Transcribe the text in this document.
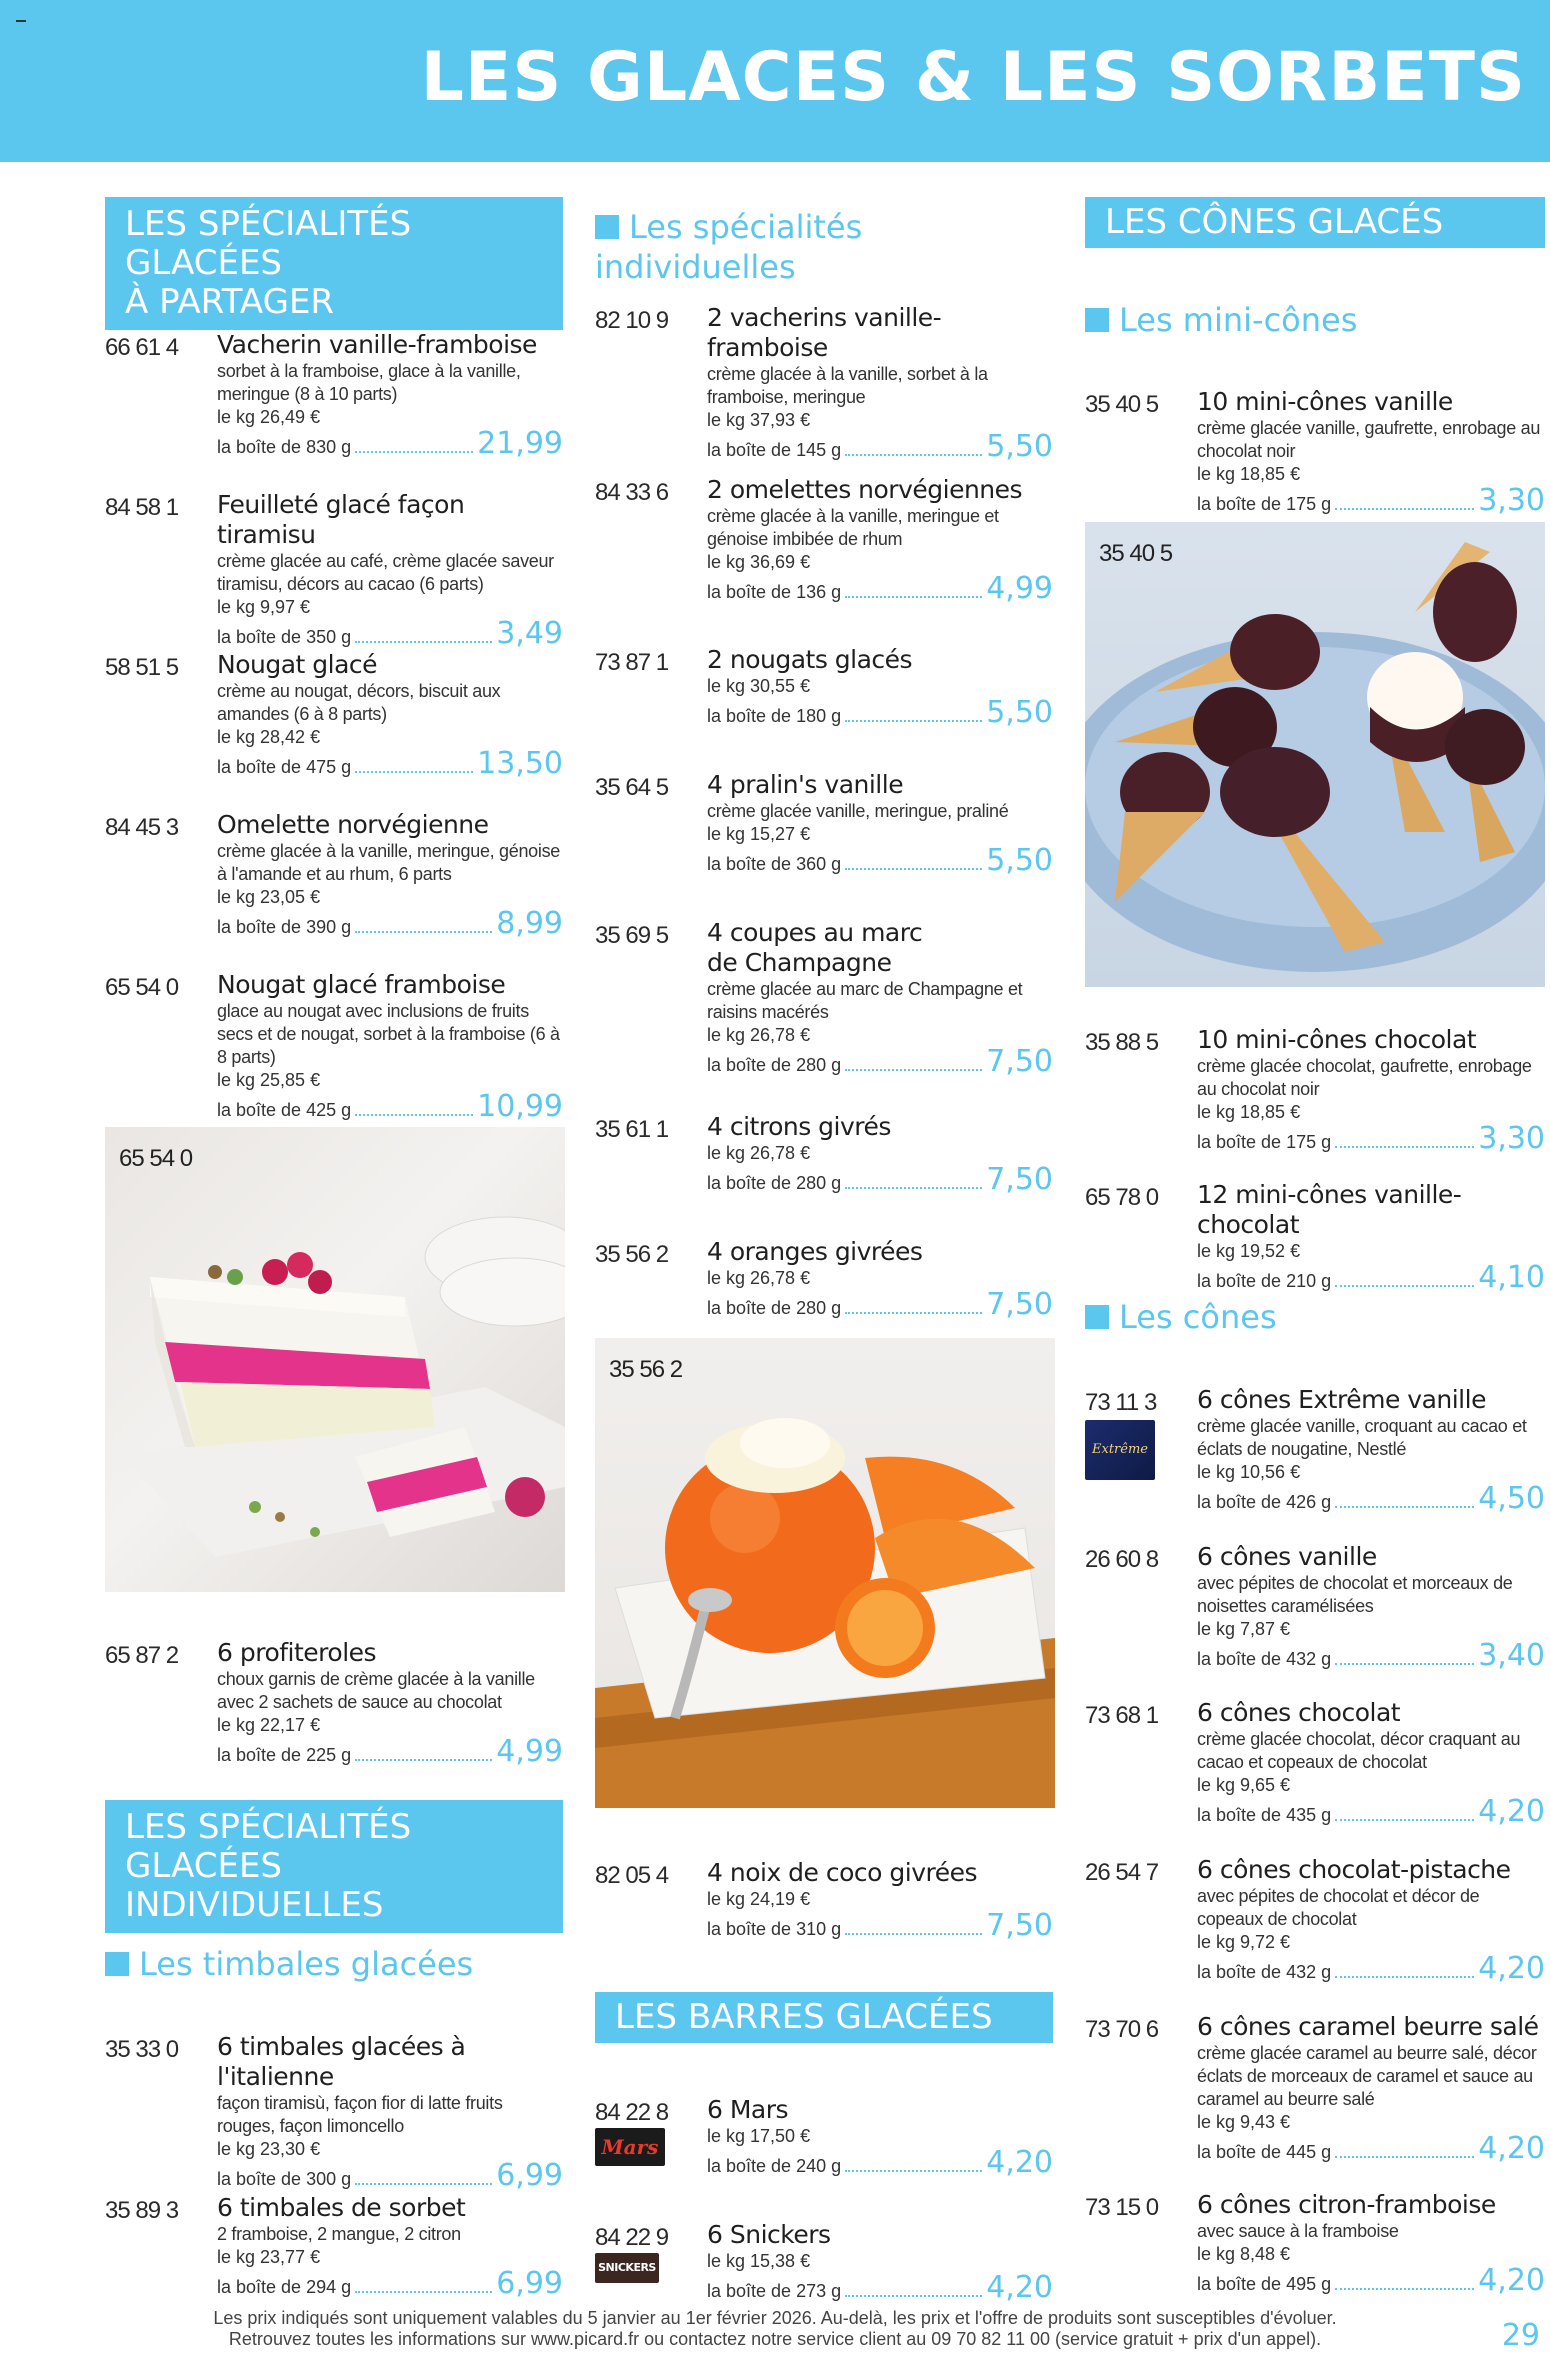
LES GLACES & LES SORBETS
LES SPÉCIALITÉS GLACÉES
À PARTAGER
66 61 4 Vacherin vanille-framboise
sorbet à la framboise, glace à la vanille, meringue (8 à 10 parts)
le kg 26,49 €
la boîte de 830 g	21,99
84 58 1 Feuilleté glacé façon tiramisu
crème glacée au café, crème glacée saveur tiramisu, décors au cacao (6 parts)
le kg 9,97 €
la boîte de 350 g	3,49
58 51 5 Nougat glacé
crème au nougat, décors, biscuit aux amandes (6 à 8 parts)
le kg 28,42 €
la boîte de 475 g	13,50
84 45 3 Omelette norvégienne
crème glacée à la vanille, meringue, génoise à l'amande et au rhum, 6 parts
le kg 23,05 €
la boîte de 390 g	8,99
65 54 0 Nougat glacé framboise
glace au nougat avec inclusions de fruits secs et de nougat, sorbet à la framboise (6 à 8 parts)
le kg 25,85 €
la boîte de 425 g	10,99
65 54 0
65 87 2 6 profiteroles
choux garnis de crème glacée à la vanille avec 2 sachets de sauce au chocolat
le kg 22,17 €
la boîte de 225 g	4,99
LES SPÉCIALITÉS GLACÉES
INDIVIDUELLES
Les timbales glacées
35 33 0 6 timbales glacées à l'italienne
façon tiramisù, façon fior di latte fruits rouges, façon limoncello
le kg 23,30 €
la boîte de 300 g	6,99
35 89 3 6 timbales de sorbet
2 framboise, 2 mangue, 2 citron
le kg 23,77 €
la boîte de 294 g	6,99
Les spécialités individuelles
82 10 9 2 vacherins vanille-framboise
crème glacée à la vanille, sorbet à la framboise, meringue
le kg 37,93 €
la boîte de 145 g	5,50
84 33 6 2 omelettes norvégiennes
crème glacée à la vanille, meringue et génoise imbibée de rhum
le kg 36,69 €
la boîte de 136 g	4,99
73 87 1 2 nougats glacés
le kg 30,55 €
la boîte de 180 g	5,50
35 64 5 4 pralin's vanille
crème glacée vanille, meringue, praliné
le kg 15,27 €
la boîte de 360 g	5,50
35 69 5 4 coupes au marc de Champagne
crème glacée au marc de Champagne et raisins macérés
le kg 26,78 €
la boîte de 280 g	7,50
35 61 1 4 citrons givrés
le kg 26,78 €
la boîte de 280 g	7,50
35 56 2 4 oranges givrées
le kg 26,78 €
la boîte de 280 g	7,50
35 56 2
82 05 4 4 noix de coco givrées
le kg 24,19 €
la boîte de 310 g	7,50
LES BARRES GLACÉES
84 22 8
Mars
6 Mars
le kg 17,50 €
la boîte de 240 g	4,20
84 22 9
SNICKERS
6 Snickers
le kg 15,38 €
la boîte de 273 g	4,20
LES CÔNES GLACÉS
Les mini-cônes
35 40 5 10 mini-cônes vanille
crème glacée vanille, gaufrette, enrobage au chocolat noir
le kg 18,85 €
la boîte de 175 g	3,30
35 40 5
35 88 5 10 mini-cônes chocolat
crème glacée chocolat, gaufrette, enrobage au chocolat noir
le kg 18,85 €
la boîte de 175 g	3,30
65 78 0 12 mini-cônes vanille-chocolat
le kg 19,52 €
la boîte de 210 g	4,10
Les cônes
73 11 3
Extrême
6 cônes Extrême vanille
crème glacée vanille, croquant au cacao et éclats de nougatine, Nestlé
le kg 10,56 €
la boîte de 426 g	4,50
26 60 8 6 cônes vanille
avec pépites de chocolat et morceaux de noisettes caramélisées
le kg 7,87 €
la boîte de 432 g	3,40
73 68 1 6 cônes chocolat
crème glacée chocolat, décor craquant au cacao et copeaux de chocolat
le kg 9,65 €
la boîte de 435 g	4,20
26 54 7 6 cônes chocolat-pistache
avec pépites de chocolat et décor de copeaux de chocolat
le kg 9,72 €
la boîte de 432 g	4,20
73 70 6 6 cônes caramel beurre salé
crème glacée caramel au beurre salé, décor éclats de morceaux de caramel et sauce au caramel au beurre salé
le kg 9,43 €
la boîte de 445 g	4,20
73 15 0 6 cônes citron-framboise
avec sauce à la framboise
le kg 8,48 €
la boîte de 495 g	4,20
Les prix indiqués sont uniquement valables du 5 janvier au 1er février 2026. Au-delà, les prix et l'offre de produits sont susceptibles d'évoluer.
Retrouvez toutes les informations sur www.picard.fr ou contactez notre service client au 09 70 82 11 00 (service gratuit + prix d'un appel).	29
